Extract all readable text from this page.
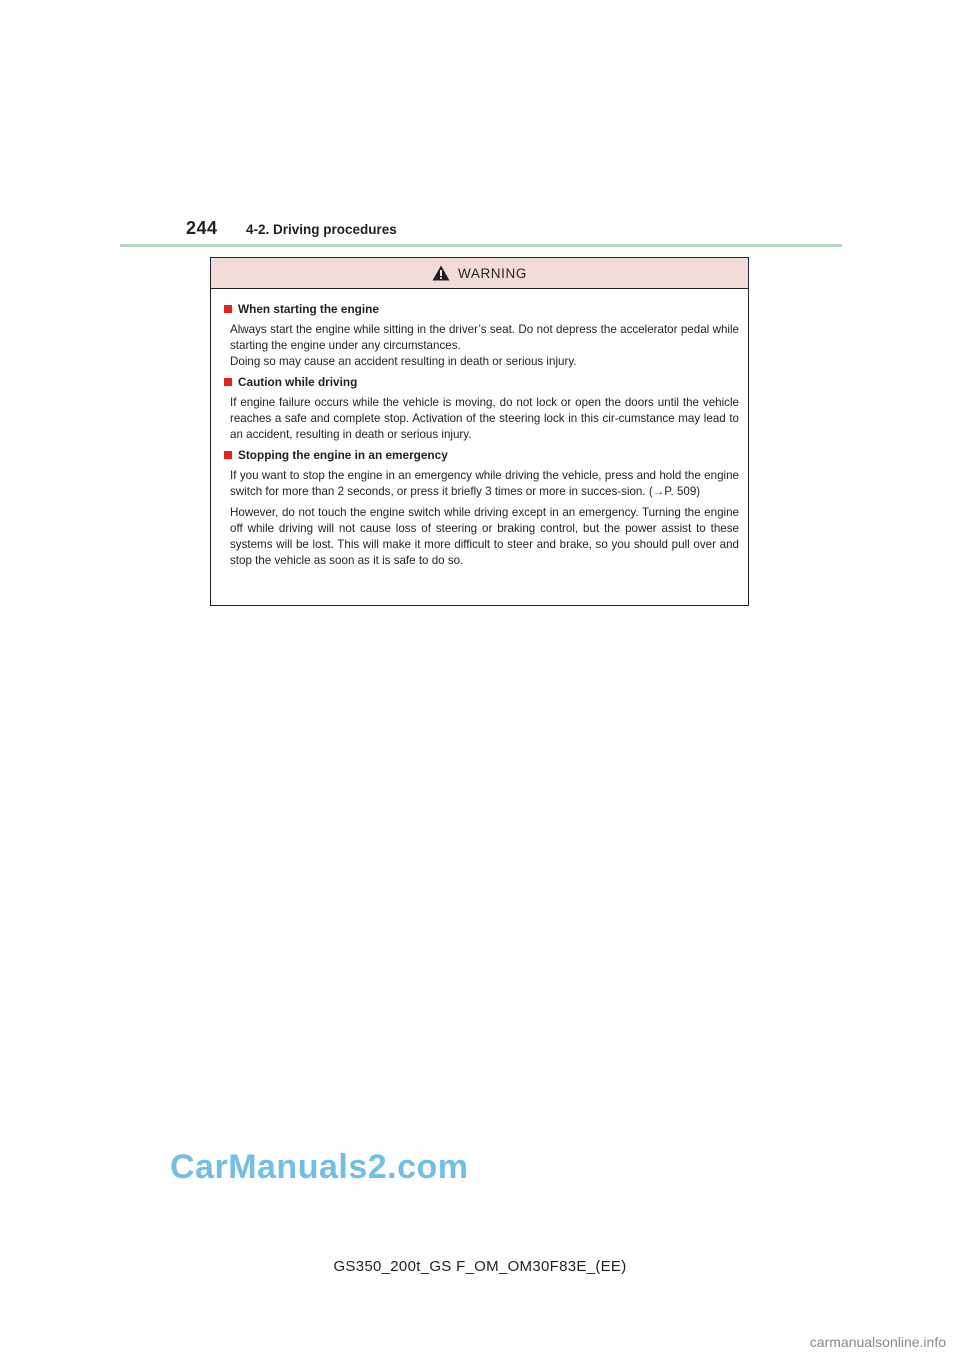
244 4-2. Driving procedures
WARNING
When starting the engine

Always start the engine while sitting in the driver’s seat. Do not depress the accelerator pedal while starting the engine under any circumstances.

Doing so may cause an accident resulting in death or serious injury.

Caution while driving

If engine failure occurs while the vehicle is moving, do not lock or open the doors until the vehicle reaches a safe and complete stop. Activation of the steering lock in this cir-cumstance may lead to an accident, resulting in death or serious injury.

Stopping the engine in an emergency

If you want to stop the engine in an emergency while driving the vehicle, press and hold the engine switch for more than 2 seconds, or press it briefly 3 times or more in succes-sion. (→P. 509)

However, do not touch the engine switch while driving except in an emergency. Turning the engine off while driving will not cause loss of steering or braking control, but the power assist to these systems will be lost. This will make it more difficult to steer and brake, so you should pull over and stop the vehicle as soon as it is safe to do so.

CarManuals2.com
GS350_200t_GS F_OM_OM30F83E_(EE)
carmanualsonline.info
